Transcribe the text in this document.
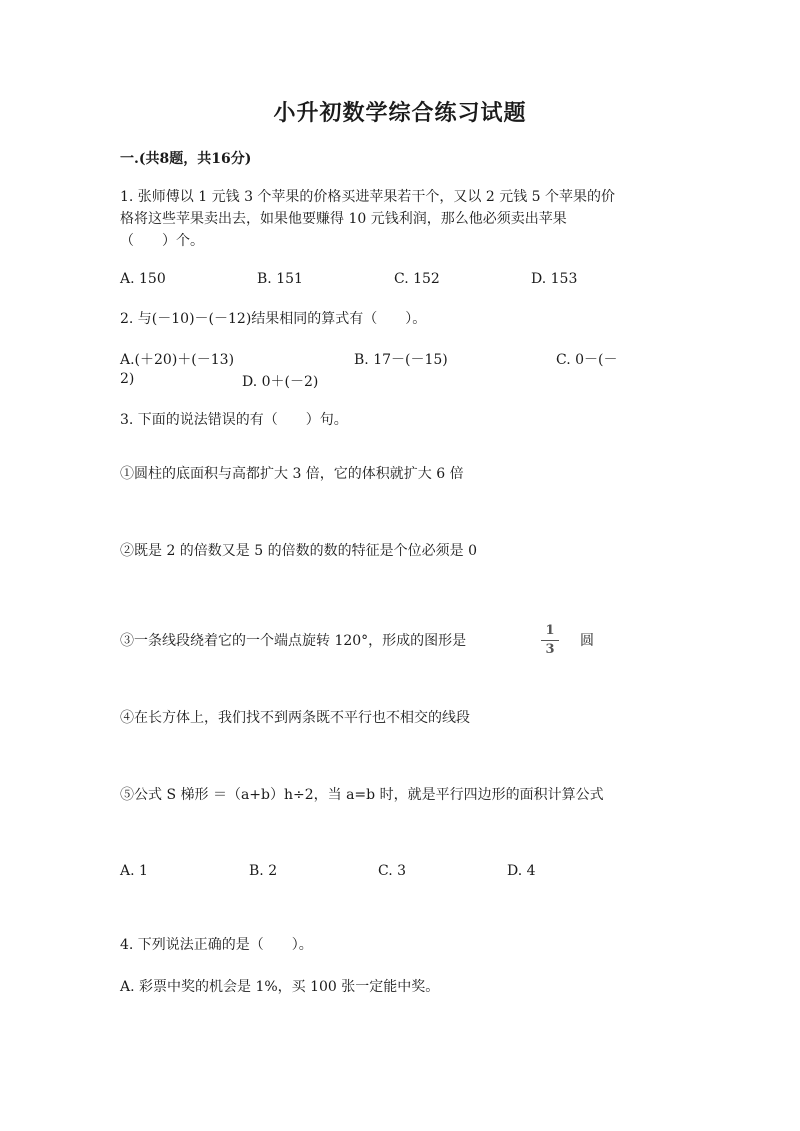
小升初数学综合练习试题
一.(共8题，共16分)
1. 张师傅以 1 元钱 3 个苹果的价格买进苹果若干个，又以 2 元钱 5 个苹果的价
格将这些苹果卖出去，如果他要赚得 10 元钱利润，那么他必须卖出苹果
（　　）个。
A. 150	B. 151	C. 152	D. 153
2. 与(－10)－(－12)结果相同的算式有（　　）。
A.(＋20)＋(－13)	B. 17－(－15)	C. 0－(－
2)	D. 0＋(－2)
3. 下面的说法错误的有（　　）句。
①圆柱的底面积与高都扩大 3 倍，它的体积就扩大 6 倍
②既是 2 的倍数又是 5 的倍数的数的特征是个位必须是 0
③一条线段绕着它的一个端点旋转 120°，形成的图形是
1
3
圆
④在长方体上，我们找不到两条既不平行也不相交的线段
⑤公式 S 梯形 ＝（a+b）h÷2，当 a=b 时，就是平行四边形的面积计算公式
A. 1	B. 2	C. 3	D. 4
4. 下列说法正确的是（　　）。
A. 彩票中奖的机会是 1%，买 100 张一定能中奖。
